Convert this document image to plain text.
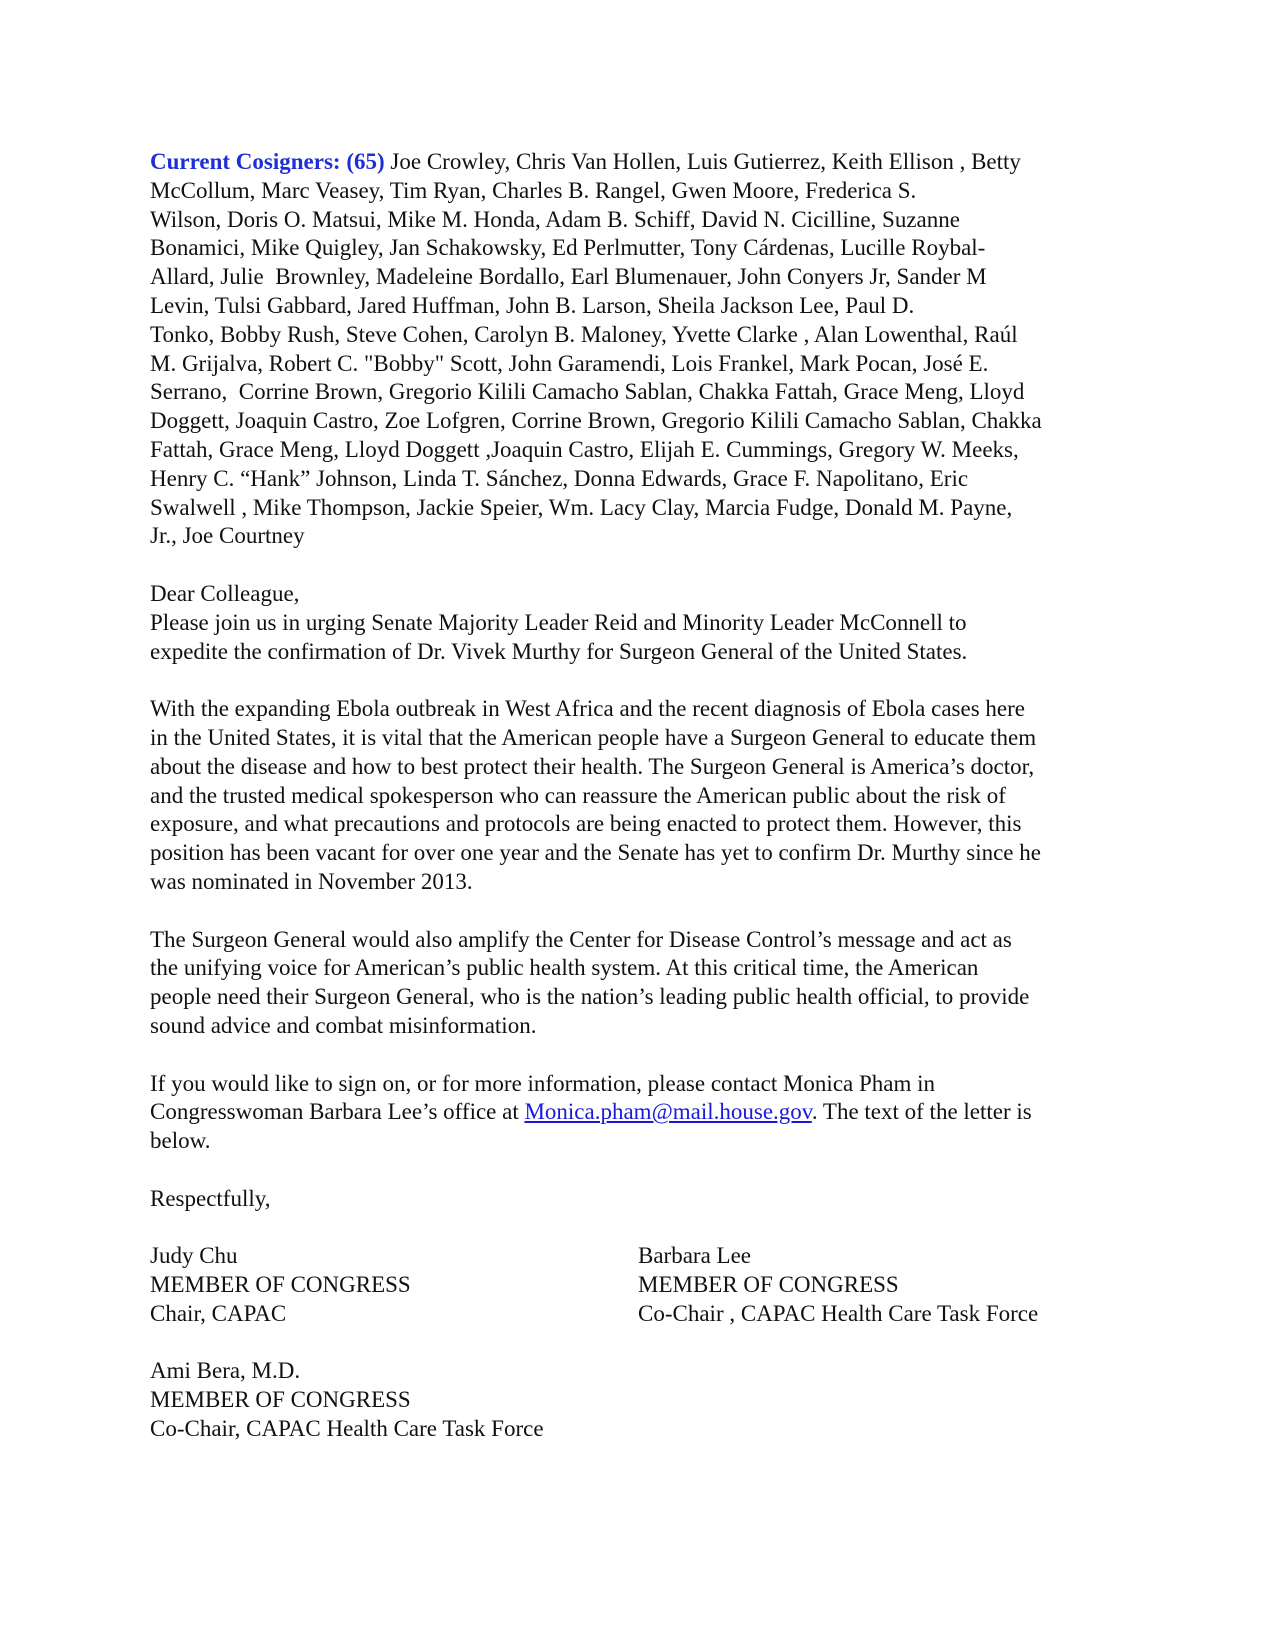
Current Cosigners: (65) Joe Crowley, Chris Van Hollen, Luis Gutierrez, Keith Ellison , Betty
McCollum, Marc Veasey, Tim Ryan, Charles B. Rangel, Gwen Moore, Frederica S.
Wilson, Doris O. Matsui, Mike M. Honda, Adam B. Schiff, David N. Cicilline, Suzanne
Bonamici, Mike Quigley, Jan Schakowsky, Ed Perlmutter, Tony Cárdenas, Lucille Roybal-
Allard, Julie  Brownley, Madeleine Bordallo, Earl Blumenauer, John Conyers Jr, Sander M
Levin, Tulsi Gabbard, Jared Huffman, John B. Larson, Sheila Jackson Lee, Paul D.
Tonko, Bobby Rush, Steve Cohen, Carolyn B. Maloney, Yvette Clarke , Alan Lowenthal, Raúl
M. Grijalva, Robert C. "Bobby" Scott, John Garamendi, Lois Frankel, Mark Pocan, José E.
Serrano,  Corrine Brown, Gregorio Kilili Camacho Sablan, Chakka Fattah, Grace Meng, Lloyd
Doggett, Joaquin Castro, Zoe Lofgren, Corrine Brown, Gregorio Kilili Camacho Sablan, Chakka
Fattah, Grace Meng, Lloyd Doggett ,Joaquin Castro, Elijah E. Cummings, Gregory W. Meeks,
Henry C. “Hank” Johnson, Linda T. Sánchez, Donna Edwards, Grace F. Napolitano, Eric
Swalwell , Mike Thompson, Jackie Speier, Wm. Lacy Clay, Marcia Fudge, Donald M. Payne,
Jr., Joe Courtney
Dear Colleague,
Please join us in urging Senate Majority Leader Reid and Minority Leader McConnell to
expedite the confirmation of Dr. Vivek Murthy for Surgeon General of the United States.
With the expanding Ebola outbreak in West Africa and the recent diagnosis of Ebola cases here
in the United States, it is vital that the American people have a Surgeon General to educate them
about the disease and how to best protect their health. The Surgeon General is America’s doctor,
and the trusted medical spokesperson who can reassure the American public about the risk of
exposure, and what precautions and protocols are being enacted to protect them. However, this
position has been vacant for over one year and the Senate has yet to confirm Dr. Murthy since he
was nominated in November 2013.
The Surgeon General would also amplify the Center for Disease Control’s message and act as
the unifying voice for American’s public health system. At this critical time, the American
people need their Surgeon General, who is the nation’s leading public health official, to provide
sound advice and combat misinformation.
If you would like to sign on, or for more information, please contact Monica Pham in
Congresswoman Barbara Lee’s office at Monica.pham@mail.house.gov. The text of the letter is
below.
Respectfully,
Judy Chu
MEMBER OF CONGRESS
Chair, CAPAC
Barbara Lee
MEMBER OF CONGRESS
Co-Chair , CAPAC Health Care Task Force
Ami Bera, M.D.
MEMBER OF CONGRESS
Co-Chair, CAPAC Health Care Task Force
